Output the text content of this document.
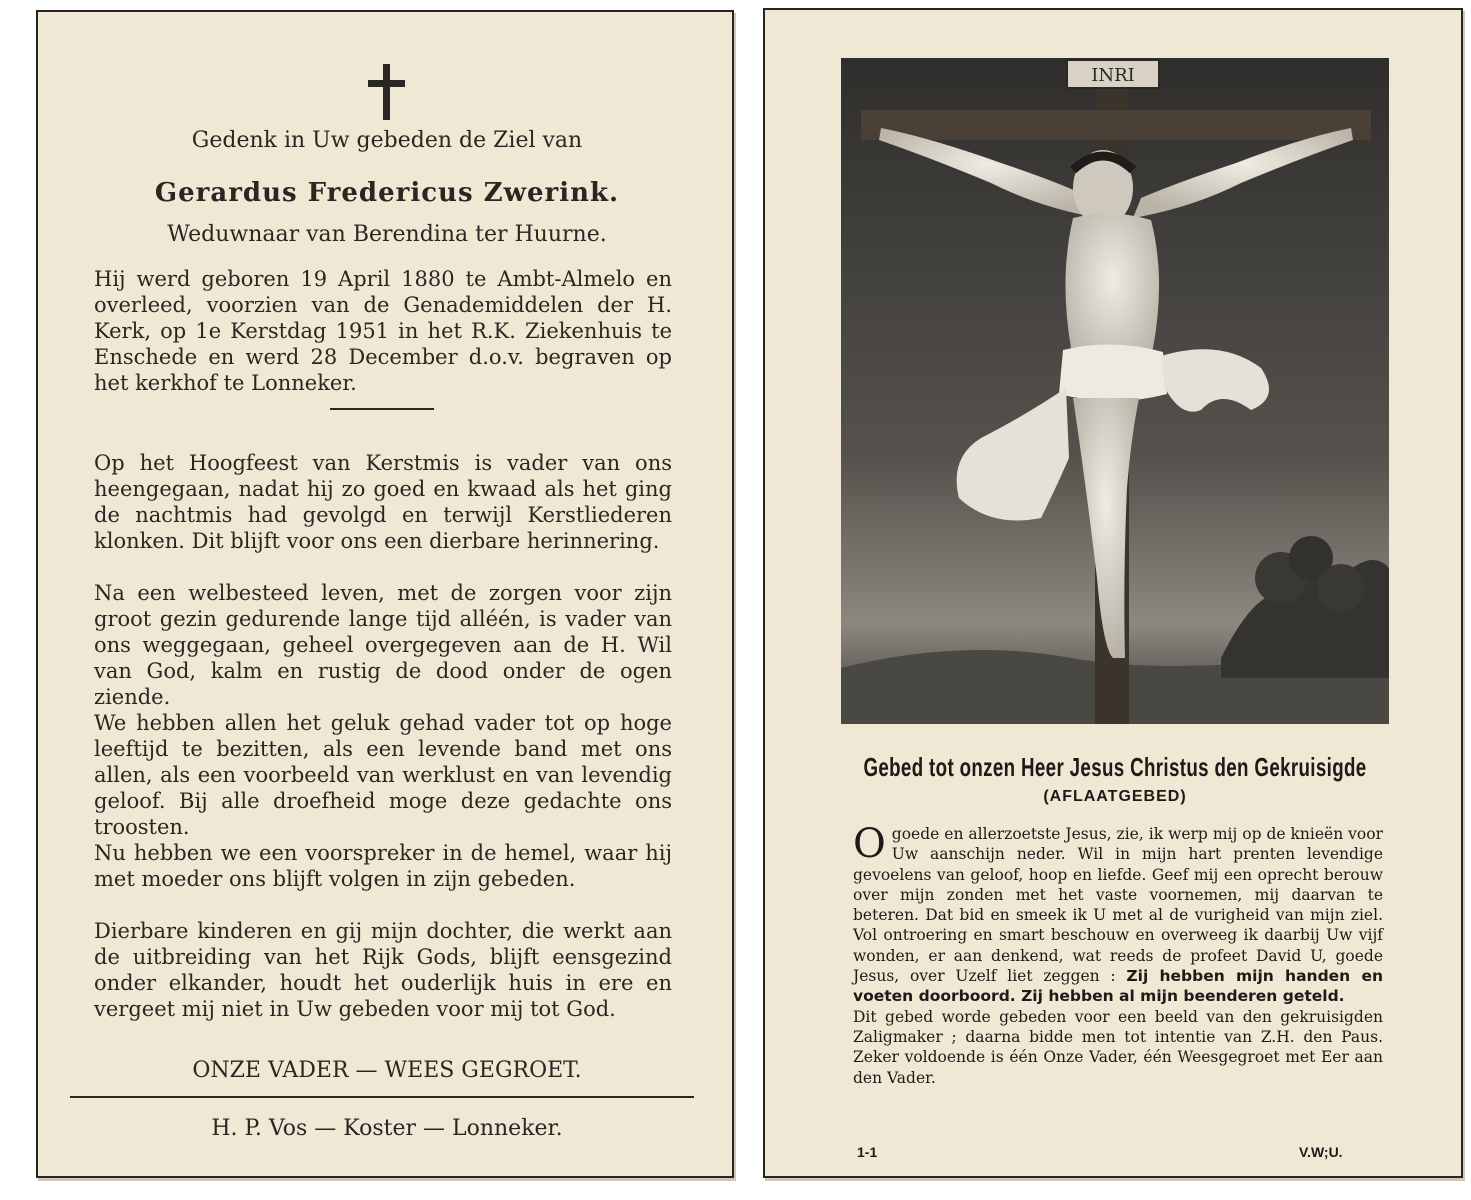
Gedenk in Uw gebeden de Ziel van

Gerardus Fredericus Zwerink.

Weduwnaar van Berendina ter Huurne.

Hij werd geboren 19 April 1880 te Ambt-Almelo en overleed, voorzien van de Genademiddelen der H. Kerk, op 1e Kerstdag 1951 in het R.K. Ziekenhuis te Enschede en werd 28 December d.o.v. begraven op het kerkhof te Lonneker.

Op het Hoogfeest van Kerstmis is vader van ons heengegaan, nadat hij zo goed en kwaad als het ging de nachtmis had gevolgd en terwijl Kerstliederen klonken. Dit blijft voor ons een dierbare herinnering.

Na een welbesteed leven, met de zorgen voor zijn groot gezin gedurende lange tijd alléén, is vader van ons weggegaan, geheel overgegeven aan de H. Wil van God, kalm en rustig de dood onder de ogen ziende.

We hebben allen het geluk gehad vader tot op hoge leeftijd te bezitten, als een levende band met ons allen, als een voorbeeld van werklust en van levendig geloof. Bij alle droefheid moge deze gedachte ons troosten.

Nu hebben we een voorspreker in de hemel, waar hij met moeder ons blijft volgen in zijn gebeden.

Dierbare kinderen en gij mijn dochter, die werkt aan de uitbreiding van het Rijk Gods, blijft eensgezind onder elkander, houdt het ouderlijk huis in ere en vergeet mij niet in Uw gebeden voor mij tot God.

ONZE VADER — WEES GEGROET.

H. P. Vos — Koster — Lonneker.

INRI

Gebed tot onzen Heer Jesus Christus den Gekruisigde

(AFLAATGEBED)

Ogoede en allerzoetste Jesus, zie, ik werp mij op de knieën voor Uw aanschijn neder. Wil in mijn hart prenten levendige gevoelens van geloof, hoop en liefde. Geef mij een oprecht berouw over mijn zonden met het vaste voornemen, mij daarvan te beteren. Dat bid en smeek ik U met al de vurigheid van mijn ziel. Vol ontroering en smart beschouw en overweeg ik daarbij Uw vijf wonden, er aan denkend, wat reeds de profeet David U, goede Jesus, over Uzelf liet zeggen : Zij hebben mijn handen en voeten doorboord. Zij hebben al mijn beenderen geteld.
Dit gebed worde gebeden voor een beeld van den gekruisigden Zaligmaker ; daarna bidde men tot intentie van Z.H. den Paus. Zeker voldoende is één Onze Vader, één Weesgegroet met Eer aan den Vader.
1-1	V.W;U.
